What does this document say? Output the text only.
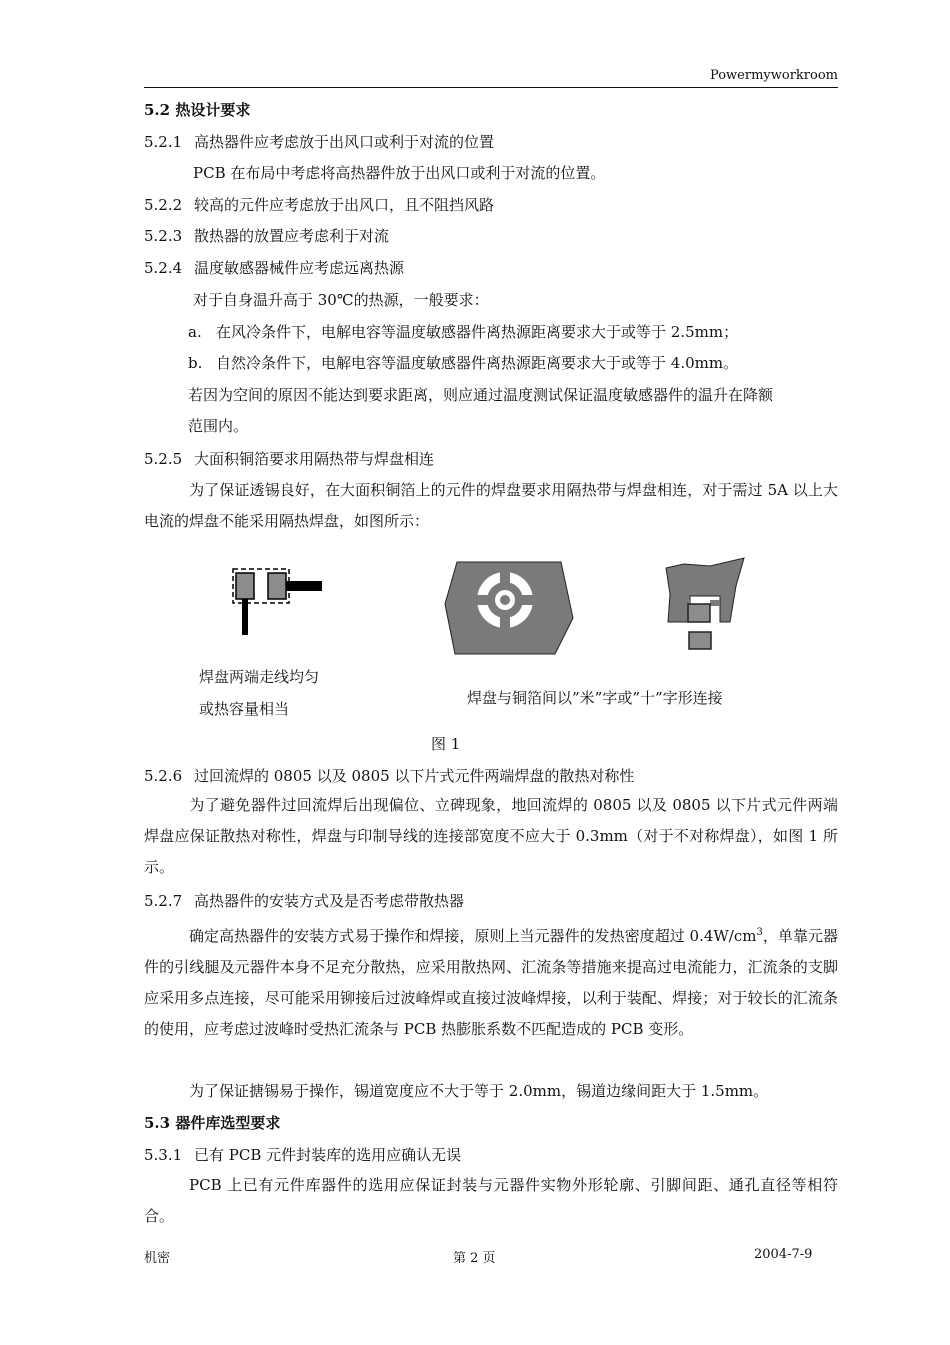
Powermyworkroom
5.2 热设计要求
5.2.1 高热器件应考虑放于出风口或利于对流的位置
PCB 在布局中考虑将高热器件放于出风口或利于对流的位置。
5.2.2 较高的元件应考虑放于出风口，且不阻挡风路
5.2.3 散热器的放置应考虑利于对流
5.2.4 温度敏感器械件应考虑远离热源
对于自身温升高于 30℃的热源，一般要求：
a. 在风冷条件下，电解电容等温度敏感器件离热源距离要求大于或等于 2.5mm；
b. 自然冷条件下，电解电容等温度敏感器件离热源距离要求大于或等于 4.0mm。
若因为空间的原因不能达到要求距离，则应通过温度测试保证温度敏感器件的温升在降额
范围内。
5.2.5 大面积铜箔要求用隔热带与焊盘相连
为了保证透锡良好，在大面积铜箔上的元件的焊盘要求用隔热带与焊盘相连，对于需过 5A 以上大电流的焊盘不能采用隔热焊盘，如图所示：
焊盘两端走线均匀
或热容量相当
焊盘与铜箔间以”米”字或”十”字形连接
图 1
5.2.6 过回流焊的 0805 以及 0805 以下片式元件两端焊盘的散热对称性
为了避免器件过回流焊后出现偏位、立碑现象，地回流焊的 0805 以及 0805 以下片式元件两端焊盘应保证散热对称性，焊盘与印制导线的连接部宽度不应大于 0.3mm（对于不对称焊盘），如图 1 所示。
5.2.7 高热器件的安装方式及是否考虑带散热器
确定高热器件的安装方式易于操作和焊接，原则上当元器件的发热密度超过 $0.4W/cm^3$，单靠元器件的引线腿及元器件本身不足充分散热，应采用散热网、汇流条等措施来提高过电流能力，汇流条的支脚应采用多点连接，尽可能采用铆接后过波峰焊或直接过波峰焊接，以利于装配、焊接；对于较长的汇流条的使用，应考虑过波峰时受热汇流条与 PCB 热膨胀系数不匹配造成的 PCB 变形。
为了保证搪锡易于操作，锡道宽度应不大于等于 2.0mm，锡道边缘间距大于 1.5mm。
5.3 器件库选型要求
5.3.1 已有 PCB 元件封装库的选用应确认无误
PCB 上已有元件库器件的选用应保证封装与元器件实物外形轮廓、引脚间距、通孔直径等相符合。
机密	第 2 页	2004-7-9
